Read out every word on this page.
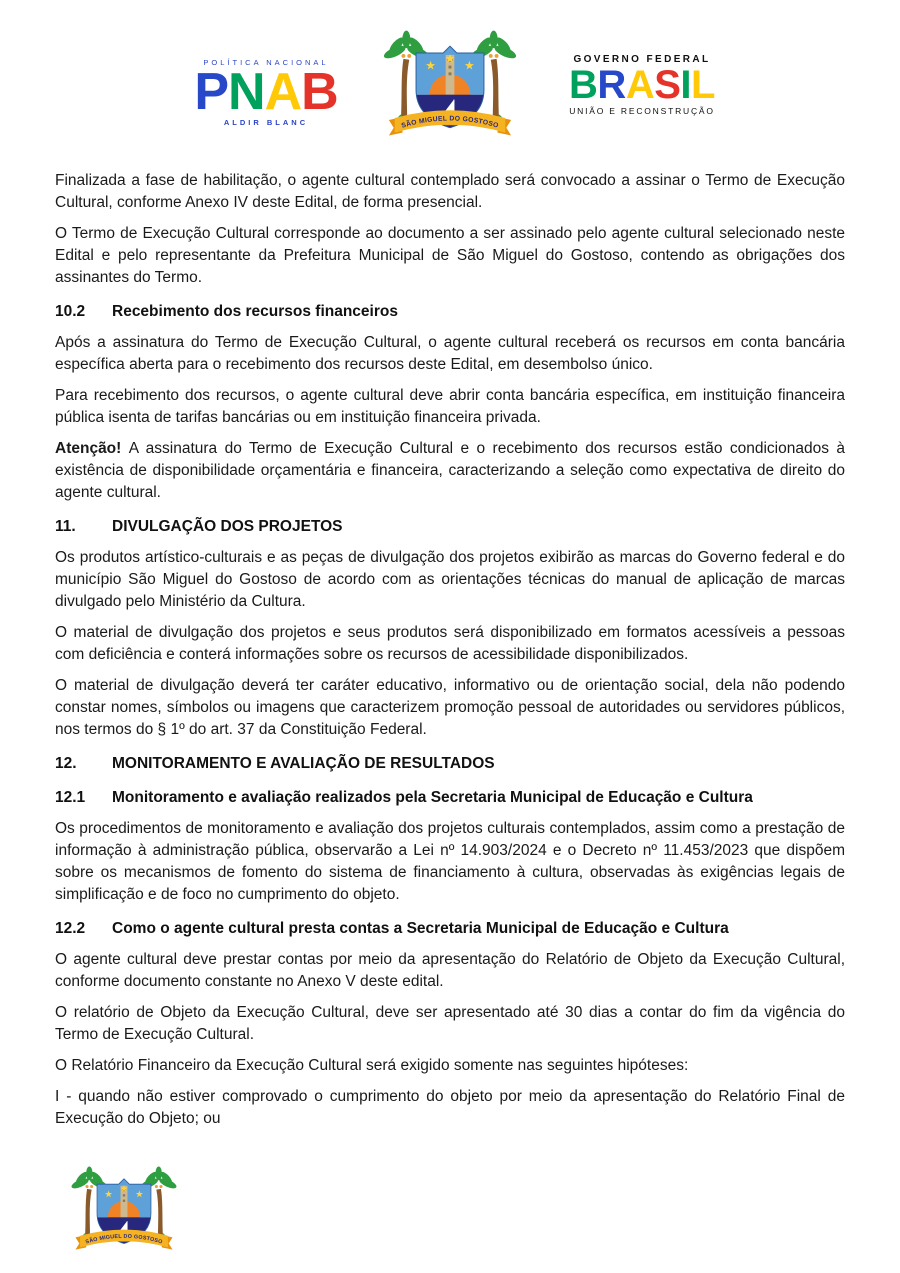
POLÍTICA NACIONAL
PNAB
ALDIR BLANC
GOVERNO FEDERAL
BRASIL
UNIÃO E RECONSTRUÇÃO

Finalizada a fase de habilitação, o agente cultural contemplado será convocado a assinar o Termo de Execução Cultural, conforme Anexo IV deste Edital, de forma presencial.

O Termo de Execução Cultural corresponde ao documento a ser assinado pelo agente cultural selecionado neste Edital e pelo representante da Prefeitura Municipal de São Miguel do Gostoso, contendo as obrigações dos assinantes do Termo.

10.2	Recebimento dos recursos financeiros

Após a assinatura do Termo de Execução Cultural, o agente cultural receberá os recursos em conta bancária específica aberta para o recebimento dos recursos deste Edital, em desembolso único.

Para recebimento dos recursos, o agente cultural deve abrir conta bancária específica, em instituição financeira pública isenta de tarifas bancárias ou em instituição financeira privada.

Atenção! A assinatura do Termo de Execução Cultural e o recebimento dos recursos estão condicionados à existência de disponibilidade orçamentária e financeira, caracterizando a seleção como expectativa de direito do agente cultural.

11.	DIVULGAÇÃO DOS PROJETOS

Os produtos artístico-culturais e as peças de divulgação dos projetos exibirão as marcas do Governo federal e do município São Miguel do Gostoso de acordo com as orientações técnicas do manual de aplicação de marcas divulgado pelo Ministério da Cultura.

O material de divulgação dos projetos e seus produtos será disponibilizado em formatos acessíveis a pessoas com deficiência e conterá informações sobre os recursos de acessibilidade disponibilizados.

O material de divulgação deverá ter caráter educativo, informativo ou de orientação social, dela não podendo constar nomes, símbolos ou imagens que caracterizem promoção pessoal de autoridades ou servidores públicos, nos termos do § 1º do art. 37 da Constituição Federal.

12.	MONITORAMENTO E AVALIAÇÃO DE RESULTADOS
12.1	Monitoramento e avaliação realizados pela Secretaria Municipal de Educação e Cultura

Os procedimentos de monitoramento e avaliação dos projetos culturais contemplados, assim como a prestação de informação à administração pública, observarão a Lei nº 14.903/2024 e o Decreto nº 11.453/2023 que dispõem sobre os mecanismos de fomento do sistema de financiamento à cultura, observadas às exigências legais de simplificação e de foco no cumprimento do objeto.

12.2	Como o agente cultural presta contas a Secretaria Municipal de Educação e Cultura

O agente cultural deve prestar contas por meio da apresentação do Relatório de Objeto da Execução Cultural, conforme documento constante no Anexo V deste edital.

O relatório de Objeto da Execução Cultural, deve ser apresentado até 30 dias a contar do fim da vigência do Termo de Execução Cultural.

O Relatório Financeiro da Execução Cultural será exigido somente nas seguintes hipóteses:

I - quando não estiver comprovado o cumprimento do objeto por meio da apresentação do Relatório Final de Execução do Objeto; ou
